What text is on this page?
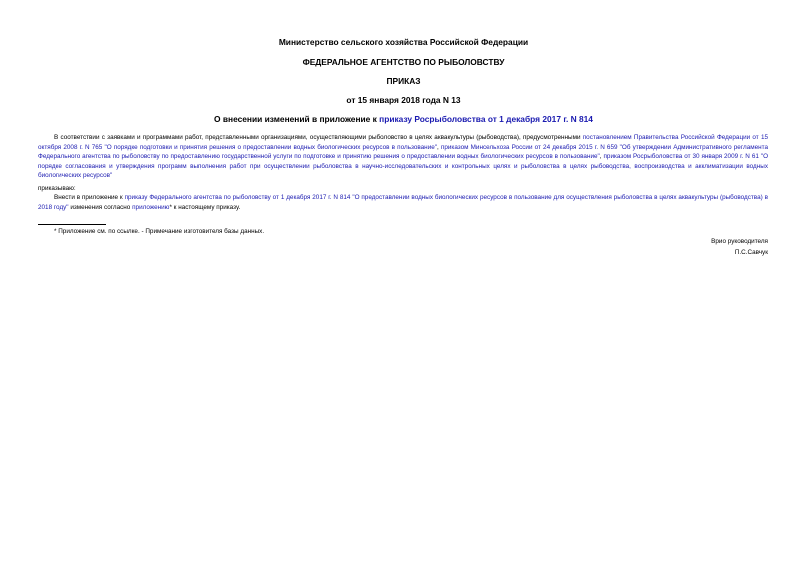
Министерство сельского хозяйства Российской Федерации
ФЕДЕРАЛЬНОЕ АГЕНТСТВО ПО РЫБОЛОВСТВУ
ПРИКАЗ
от 15 января 2018 года N 13
О внесении изменений в приложение к приказу Росрыболовства от 1 декабря 2017 г. N 814

В соответствии с заявками и программами работ, представленными организациями, осуществляющими рыболовство в целях аквакультуры (рыбоводства), предусмотренными постановлением Правительства Российской Федерации от 15 октября 2008 г. N 765 "О порядке подготовки и принятия решения о предоставлении водных биологических ресурсов в пользование", приказом Минсельхоза России от 24 декабря 2015 г. N 659 "Об утверждении Административного регламента Федерального агентства по рыболовству по предоставлению государственной услуги по подготовке и принятию решения о предоставлении водных биологических ресурсов в пользование", приказом Росрыболовства от 30 января 2009 г. N 61 "О порядке согласования и утверждения программ выполнения работ при осуществлении рыболовства в научно-исследовательских и контрольных целях и рыболовства в целях рыбоводства, воспроизводства и акклиматизации водных биологических ресурсов"

приказываю:

Внести в приложение к приказу Федерального агентства по рыболовству от 1 декабря 2017 г. N 814 "О предоставлении водных биологических ресурсов в пользование для осуществления рыболовства в целях аквакультуры (рыбоводства) в 2018 году" изменения согласно приложению* к настоящему приказу.

* Приложение см. по ссылке. - Примечание изготовителя базы данных.
Врио руководителя
П.С.Савчук
